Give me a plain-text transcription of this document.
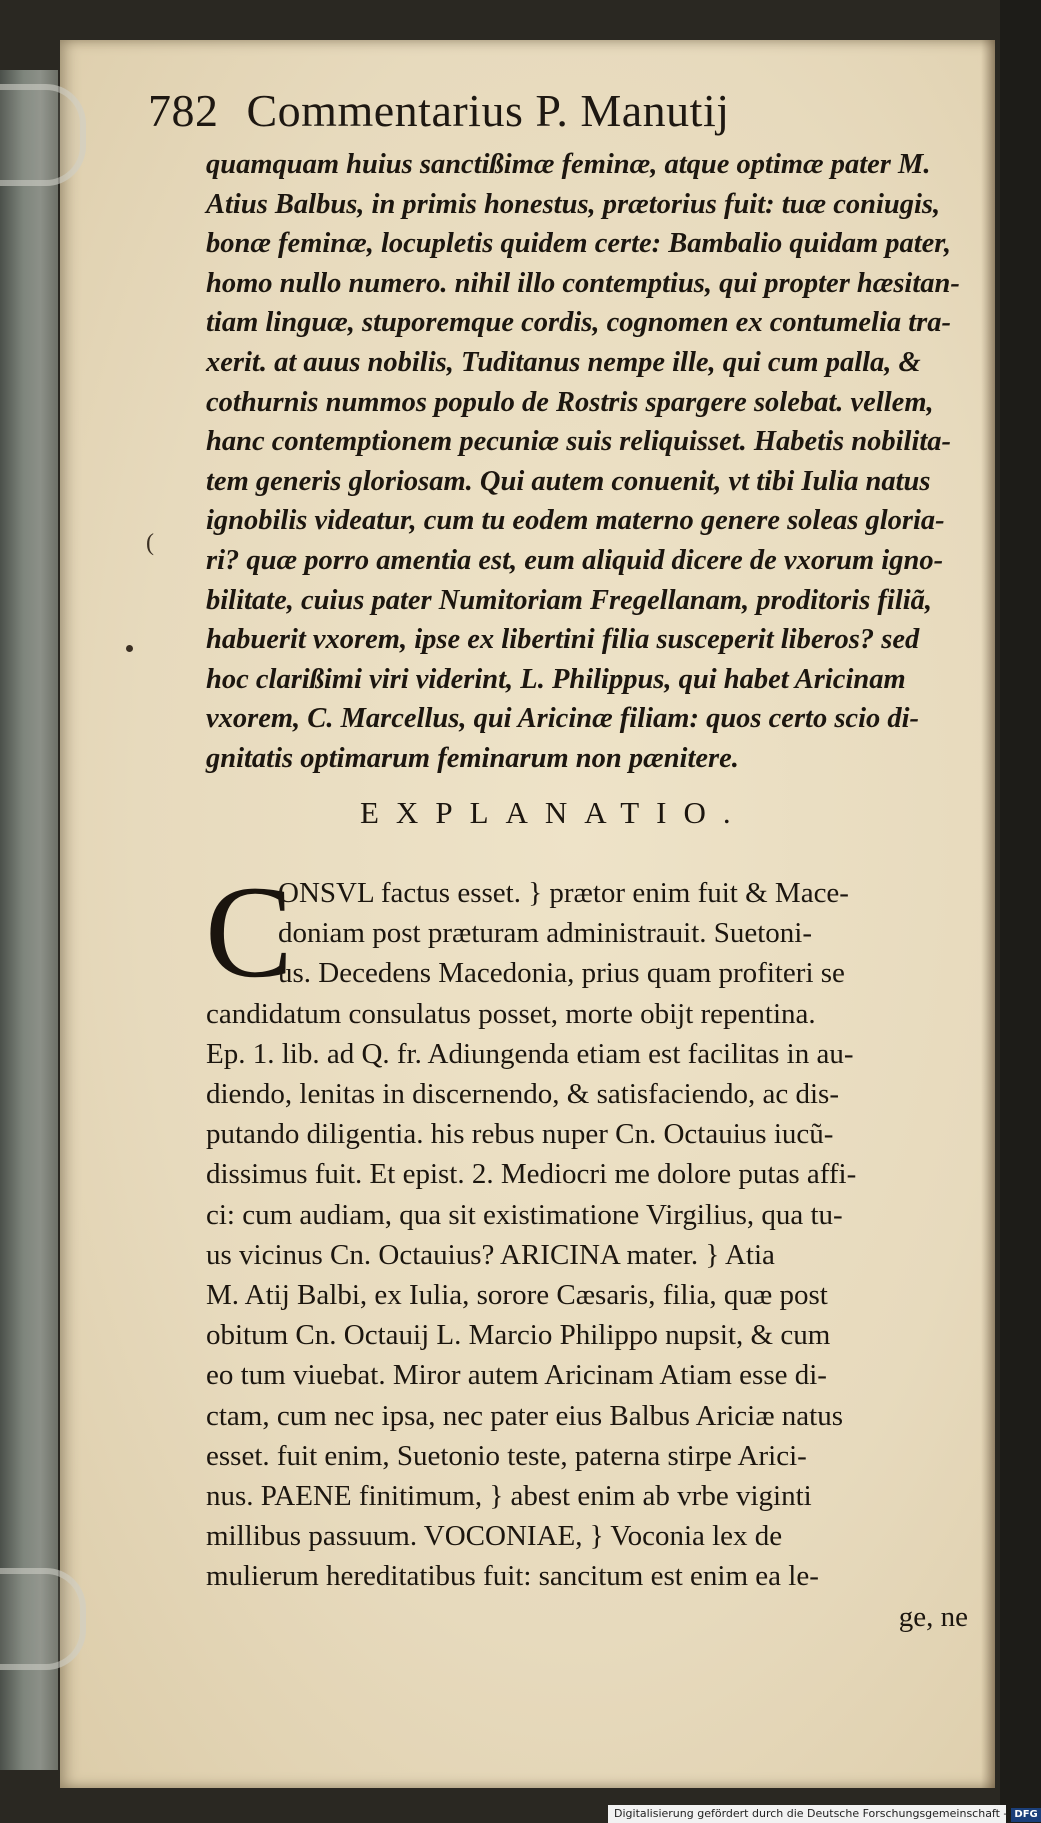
782 Commentarius P. Manutij
quamquam huius sanctißimæ feminæ, atque optimæ pater M.
Atius Balbus, in primis honestus, prætorius fuit: tuæ coniugis,
bonæ feminæ, locupletis quidem certe: Bambalio quidam pater,
homo nullo numero. nihil illo contemptius, qui propter hæsitan-
tiam linguæ, stuporemque cordis, cognomen ex contumelia tra-
xerit. at auus nobilis, Tuditanus nempe ille, qui cum palla, &
cothurnis nummos populo de Rostris spargere solebat. vellem,
hanc contemptionem pecuniæ suis reliquisset. Habetis nobilita-
tem generis gloriosam. Qui autem conuenit, vt tibi Iulia natus
ignobilis videatur, cum tu eodem materno genere soleas gloria-
ri? quæ porro amentia est, eum aliquid dicere de vxorum igno-
bilitate, cuius pater Numitoriam Fregellanam, proditoris filiã,
habuerit vxorem, ipse ex libertini filia susceperit liberos? sed
hoc clarißimi viri viderint, L. Philippus, qui habet Aricinam
vxorem, C. Marcellus, qui Aricinæ filiam: quos certo scio di-
gnitatis optimarum feminarum non pænitere.
(
EXPLANATIO.
C
ONSVL factus esset. } prætor enim fuit & Mace-
doniam post præturam administrauit. Suetoni-
us. Decedens Macedonia, prius quam profiteri se
candidatum consulatus posset, morte obijt repentina.
Ep. 1. lib. ad Q. fr. Adiungenda etiam est facilitas in au-
diendo, lenitas in discernendo, & satisfaciendo, ac dis-
putando diligentia. his rebus nuper Cn. Octauius iucũ-
dissimus fuit. Et epist. 2. Mediocri me dolore putas affi-
ci: cum audiam, qua sit existimatione Virgilius, qua tu-
us vicinus Cn. Octauius? ARICINA mater. } Atia
M. Atij Balbi, ex Iulia, sorore Cæsaris, filia, quæ post
obitum Cn. Octauij L. Marcio Philippo nupsit, & cum
eo tum viuebat. Miror autem Aricinam Atiam esse di-
ctam, cum nec ipsa, nec pater eius Balbus Ariciæ natus
esset. fuit enim, Suetonio teste, paterna stirpe Arici-
nus. PAENE finitimum, } abest enim ab vrbe viginti
millibus passuum. VOCONIAE, } Voconia lex de
mulierum hereditatibus fuit: sancitum est enim ea le-
ge, ne
Digitalisierung gefördert durch die Deutsche Forschungsgemeinschaft - DFG
